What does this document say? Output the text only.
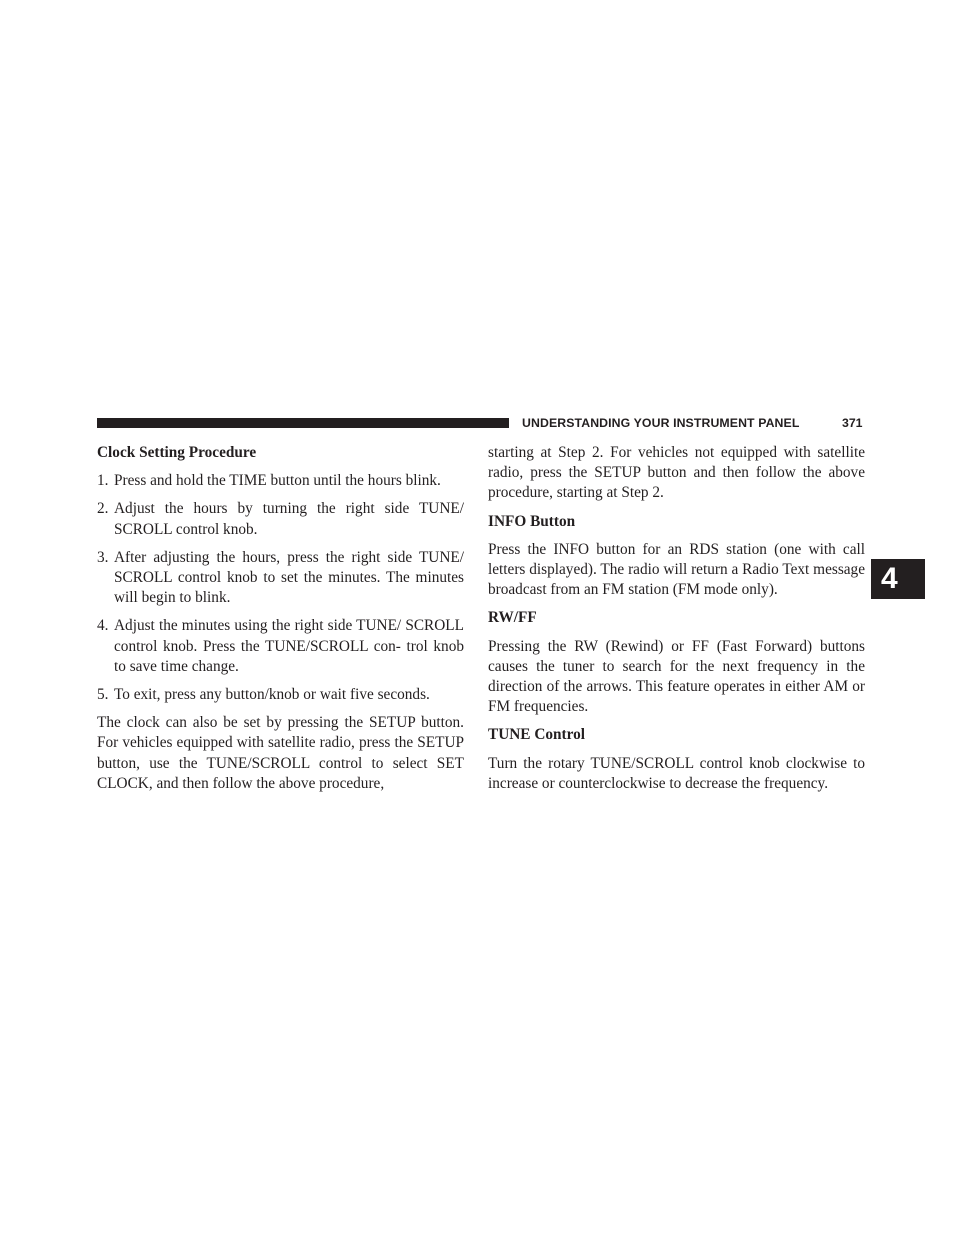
UNDERSTANDING YOUR INSTRUMENT PANEL	371
4
Clock Setting Procedure
1. Press and hold the TIME button until the hours blink.
2. Adjust the hours by turning the right side TUNE/ SCROLL control knob.
3. After adjusting the hours, press the right side TUNE/ SCROLL control knob to set the minutes. The minutes will begin to blink.
4. Adjust the minutes using the right side TUNE/ SCROLL control knob. Press the TUNE/SCROLL con- trol knob to save time change.
5. To exit, press any button/knob or wait five seconds.

The clock can also be set by pressing the SETUP button. For vehicles equipped with satellite radio, press the SETUP button, use the TUNE/SCROLL control to select SET CLOCK, and then follow the above procedure,

starting at Step 2. For vehicles not equipped with satellite radio, press the SETUP button and then follow the above procedure, starting at Step 2.

INFO Button

Press the INFO button for an RDS station (one with call letters displayed). The radio will return a Radio Text message broadcast from an FM station (FM mode only).

RW/FF

Pressing the RW (Rewind) or FF (Fast Forward) buttons causes the tuner to search for the next frequency in the direction of the arrows. This feature operates in either AM or FM frequencies.

TUNE Control

Turn the rotary TUNE/SCROLL control knob clockwise to increase or counterclockwise to decrease the frequency.
